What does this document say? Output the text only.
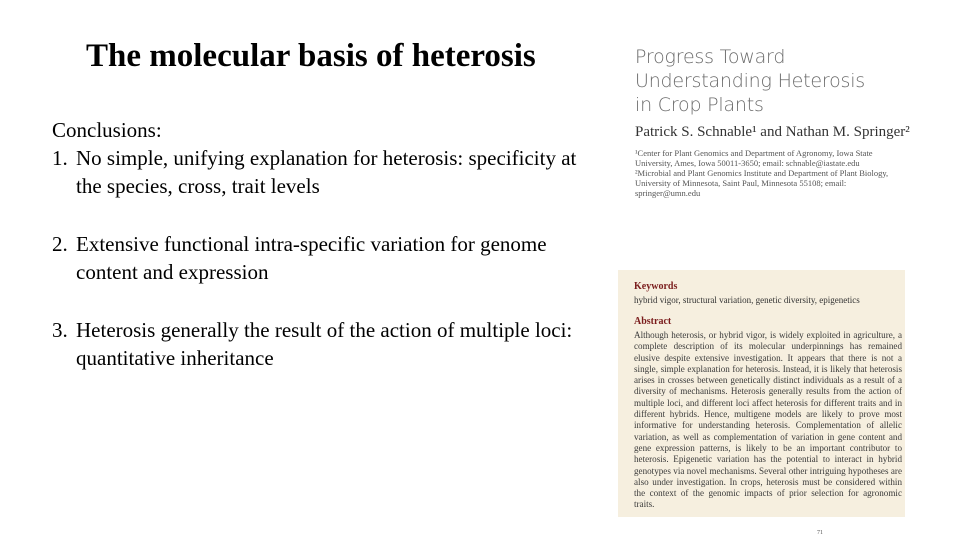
The molecular basis of heterosis
Conclusions:
1. No simple, unifying explanation for heterosis: specificity at the species, cross, trait levels
2. Extensive functional intra-specific variation for genome content and expression
3. Heterosis generally the result of the action of multiple loci: quantitative inheritance
Progress Toward
Understanding Heterosis
in Crop Plants
Patrick S. Schnable¹ and Nathan M. Springer²
¹Center for Plant Genomics and Department of Agronomy, Iowa State University, Ames, Iowa 50011-3650; email: schnable@iastate.edu
²Microbial and Plant Genomics Institute and Department of Plant Biology, University of Minnesota, Saint Paul, Minnesota 55108; email: springer@umn.edu
Keywords
hybrid vigor, structural variation, genetic diversity, epigenetics
Abstract
Although heterosis, or hybrid vigor, is widely exploited in agriculture, a complete description of its molecular underpinnings has remained elusive despite extensive investigation. It appears that there is not a single, simple explanation for heterosis. Instead, it is likely that heterosis arises in crosses between genetically distinct individuals as a result of a diversity of mechanisms. Heterosis generally results from the action of multiple loci, and different loci affect heterosis for different traits and in different hybrids. Hence, multigene models are likely to prove most informative for understanding heterosis. Complementation of allelic variation, as well as complementation of variation in gene content and gene expression patterns, is likely to be an important contributor to heterosis. Epigenetic variation has the potential to interact in hybrid genotypes via novel mechanisms. Several other intriguing hypotheses are also under investigation. In crops, heterosis must be considered within the context of the genomic impacts of prior selection for agronomic traits.
71
